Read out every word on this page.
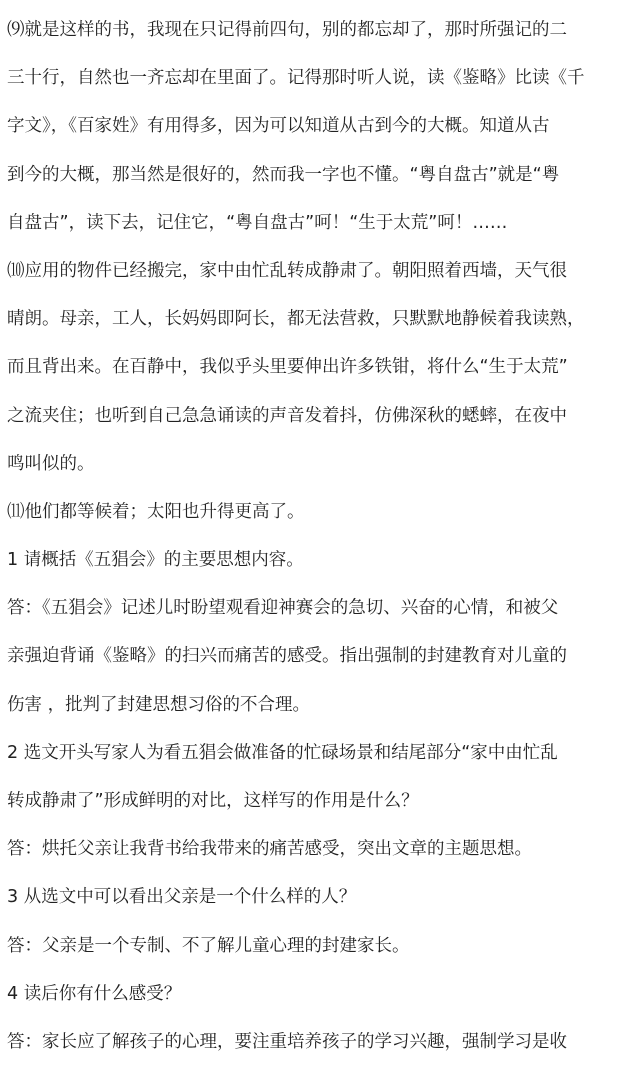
⑼就是这样的书，我现在只记得前四句，别的都忘却了，那时所强记的二
三十行，自然也一齐忘却在里面了。记得那时听人说，读《鉴略》比读《千
字文》，《百家姓》有用得多，因为可以知道从古到今的大概。知道从古
到今的大概，那当然是很好的，然而我一字也不懂。“粤自盘古”就是“粤
自盘古”，读下去，记住它，“粤自盘古”呵！“生于太荒”呵！……
⑽应用的物件已经搬完，家中由忙乱转成静肃了。朝阳照着西墙，天气很
晴朗。母亲，工人，长妈妈即阿长，都无法营救，只默默地静候着我读熟，
而且背出来。在百静中，我似乎头里要伸出许多铁钳，将什么“生于太荒”
之流夹住；也听到自己急急诵读的声音发着抖，仿佛深秋的蟋蟀，在夜中
鸣叫似的。
⑾他们都等候着；太阳也升得更高了。
1 请概括《五猖会》的主要思想内容。
答：《五猖会》记述儿时盼望观看迎神赛会的急切、兴奋的心情，和被父
亲强迫背诵《鉴略》的扫兴而痛苦的感受。指出强制的封建教育对儿童的
伤害 ，批判了封建思想习俗的不合理。
2 选文开头写家人为看五猖会做准备的忙碌场景和结尾部分“家中由忙乱
转成静肃了”形成鲜明的对比，这样写的作用是什么？
答：烘托父亲让我背书给我带来的痛苦感受，突出文章的主题思想。
3 从选文中可以看出父亲是一个什么样的人？
答：父亲是一个专制、不了解儿童心理的封建家长。
4 读后你有什么感受？
答：家长应了解孩子的心理，要注重培养孩子的学习兴趣，强制学习是收
